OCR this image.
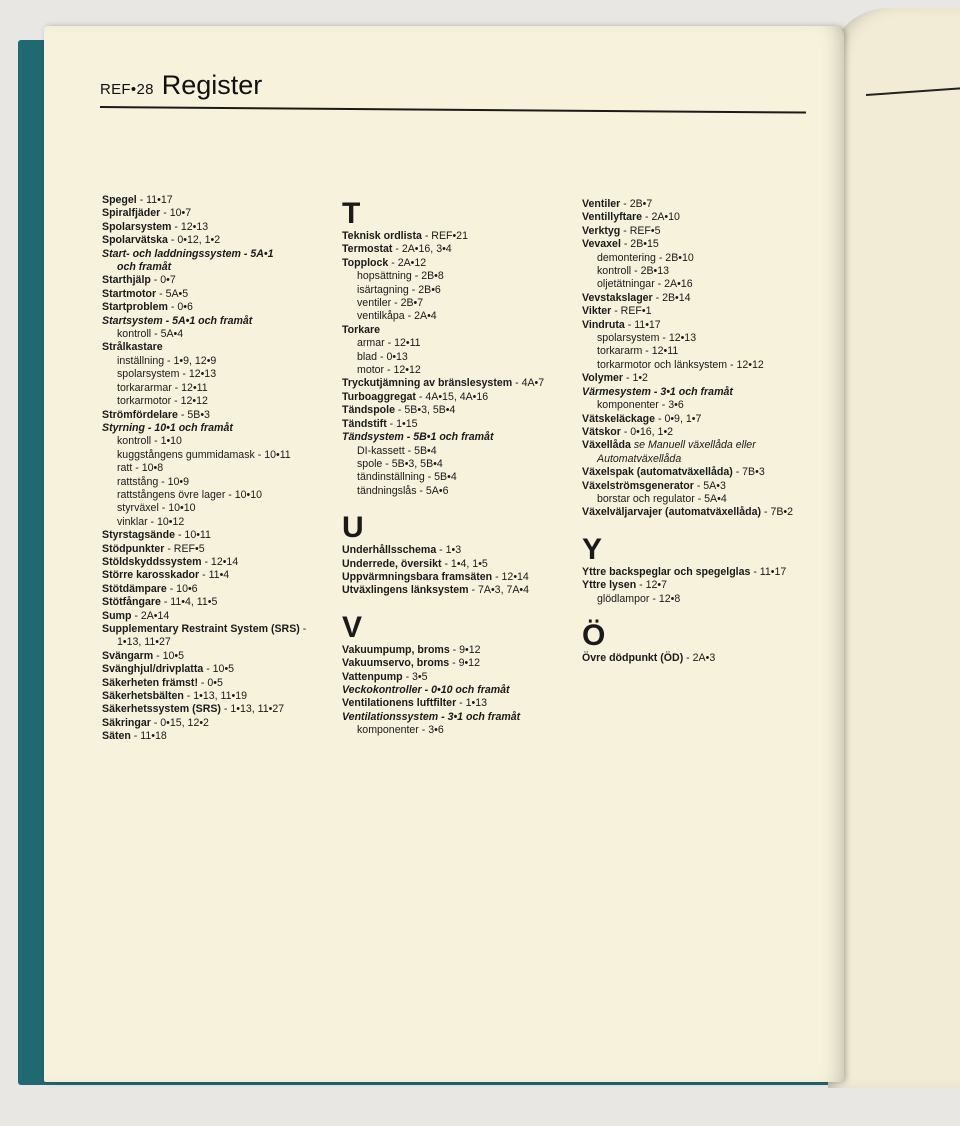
REF•28 Register
Spegel - 11•17
Spiralfjäder - 10•7
Spolarsystem - 12•13
Spolarvätska - 0•12, 1•2
Start- och laddningssystem - 5A•1
och framåt
Starthjälp - 0•7
Startmotor - 5A•5
Startproblem - 0•6
Startsystem - 5A•1 och framåt
kontroll - 5A•4
Strålkastare
inställning - 1•9, 12•9
spolarsystem - 12•13
torkararmar - 12•11
torkarmotor - 12•12
Strömfördelare - 5B•3
Styrning - 10•1 och framåt
kontroll - 1•10
kuggstångens gummidamask - 10•11
ratt - 10•8
rattstång - 10•9
rattstångens övre lager - 10•10
styrväxel - 10•10
vinklar - 10•12
Styrstagsände - 10•11
Stödpunkter - REF•5
Stöldskyddssystem - 12•14
Större karosskador - 11•4
Stötdämpare - 10•6
Stötfångare - 11•4, 11•5
Sump - 2A•14
Supplementary Restraint System (SRS) -
1•13, 11•27
Svängarm - 10•5
Svänghjul/drivplatta - 10•5
Säkerheten främst! - 0•5
Säkerhetsbälten - 1•13, 11•19
Säkerhetssystem (SRS) - 1•13, 11•27
Säkringar - 0•15, 12•2
Säten - 11•18
T
Teknisk ordlista - REF•21
Termostat - 2A•16, 3•4
Topplock - 2A•12
hopsättning - 2B•8
isärtagning - 2B•6
ventiler - 2B•7
ventilkåpa - 2A•4
Torkare
armar - 12•11
blad - 0•13
motor - 12•12
Tryckutjämning av bränslesystem - 4A•7
Turboaggregat - 4A•15, 4A•16
Tändspole - 5B•3, 5B•4
Tändstift - 1•15
Tändsystem - 5B•1 och framåt
DI-kassett - 5B•4
spole - 5B•3, 5B•4
tändinställning - 5B•4
tändningslås - 5A•6
U
Underhållsschema - 1•3
Underrede, översikt - 1•4, 1•5
Uppvärmningsbara framsäten - 12•14
Utväxlingens länksystem - 7A•3, 7A•4
V
Vakuumpump, broms - 9•12
Vakuumservo, broms - 9•12
Vattenpump - 3•5
Veckokontroller - 0•10 och framåt
Ventilationens luftfilter - 1•13
Ventilationssystem - 3•1 och framåt
komponenter - 3•6
Ventiler - 2B•7
Ventillyftare - 2A•10
Verktyg - REF•5
Vevaxel - 2B•15
demontering - 2B•10
kontroll - 2B•13
oljetätningar - 2A•16
Vevstakslager - 2B•14
Vikter - REF•1
Vindruta - 11•17
spolarsystem - 12•13
torkararm - 12•11
torkarmotor och länksystem - 12•12
Volymer - 1•2
Värmesystem - 3•1 och framåt
komponenter - 3•6
Vätskeläckage - 0•9, 1•7
Vätskor - 0•16, 1•2
Växellåda se Manuell växellåda eller
Automatväxellåda
Växelspak (automatväxellåda) - 7B•3
Växelströmsgenerator - 5A•3
borstar och regulator - 5A•4
Växelväljarvajer (automatväxellåda) - 7B•2
Y
Yttre backspeglar och spegelglas - 11•17
Yttre lysen - 12•7
glödlampor - 12•8
Ö
Övre dödpunkt (ÖD) - 2A•3
